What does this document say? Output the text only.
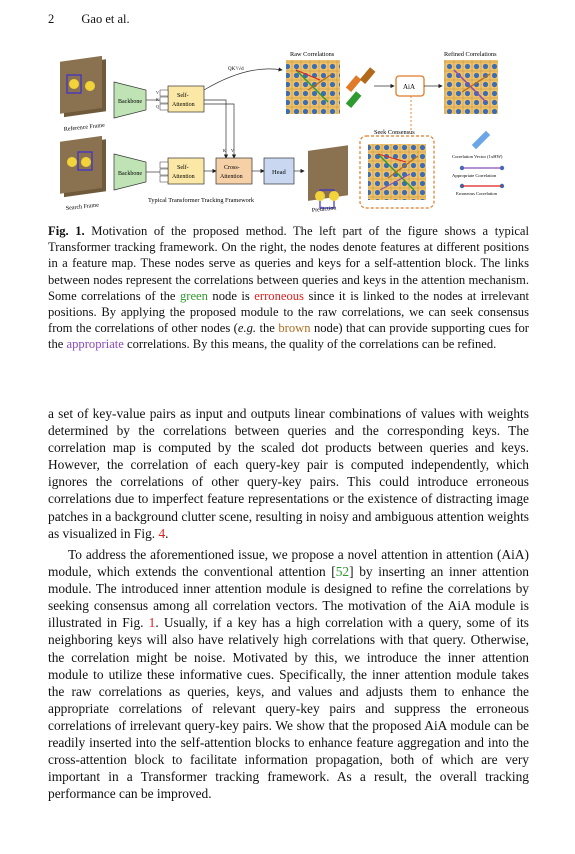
2 Gao et al.
Reference Frame
Search Frame
Backbone
Backbone
Self-
Attention
V
K
Q
Self-
Attention
Cross-
Attention
K V
Head
Prediction
Typical Transformer Tracking Framework
QKᵀ/√d
Raw Correlations
AiA
Refined Correlations
Seek Consensus
Correlation Vector (1xHW)
Appropriate Correlation
Erroneous Correlation
Fig. 1. Motivation of the proposed method. The left part of the figure shows a typical Transformer tracking framework. On the right, the nodes denote features at different positions in a feature map. These nodes serve as queries and keys for a self-attention block. The links between nodes represent the correlations between queries and keys in the attention mechanism. Some correlations of the green node is erroneous since it is linked to the nodes at irrelevant positions. By applying the proposed module to the raw correlations, we can seek consensus from the correlations of other nodes (e.g. the brown node) that can provide supporting cues for the appropriate correlations. By this means, the quality of the correlations can be refined.
a set of key-value pairs as input and outputs linear combinations of values with weights determined by the correlations between queries and the corresponding keys. The correlation map is computed by the scaled dot products between queries and keys. However, the correlation of each query-key pair is computed independently, which ignores the correlations of other query-key pairs. This could introduce erroneous correlations due to imperfect feature representations or the existence of distracting image patches in a background clutter scene, resulting in noisy and ambiguous attention weights as visualized in Fig. 4.
To address the aforementioned issue, we propose a novel attention in attention (AiA) module, which extends the conventional attention [52] by inserting an inner attention module. The introduced inner attention module is designed to refine the correlations by seeking consensus among all correlation vectors. The motivation of the AiA module is illustrated in Fig. 1. Usually, if a key has a high correlation with a query, some of its neighboring keys will also have relatively high correlations with that query. Otherwise, the correlation might be noise. Motivated by this, we introduce the inner attention module to utilize these informative cues. Specifically, the inner attention module takes the raw correlations as queries, keys, and values and adjusts them to enhance the appropriate correlations of relevant query-key pairs and suppress the erroneous correlations of irrelevant query-key pairs. We show that the proposed AiA module can be readily inserted into the self-attention blocks to enhance feature aggregation and into the cross-attention block to facilitate information propagation, both of which are very important in a Transformer tracking framework. As a result, the overall tracking performance can be improved.
